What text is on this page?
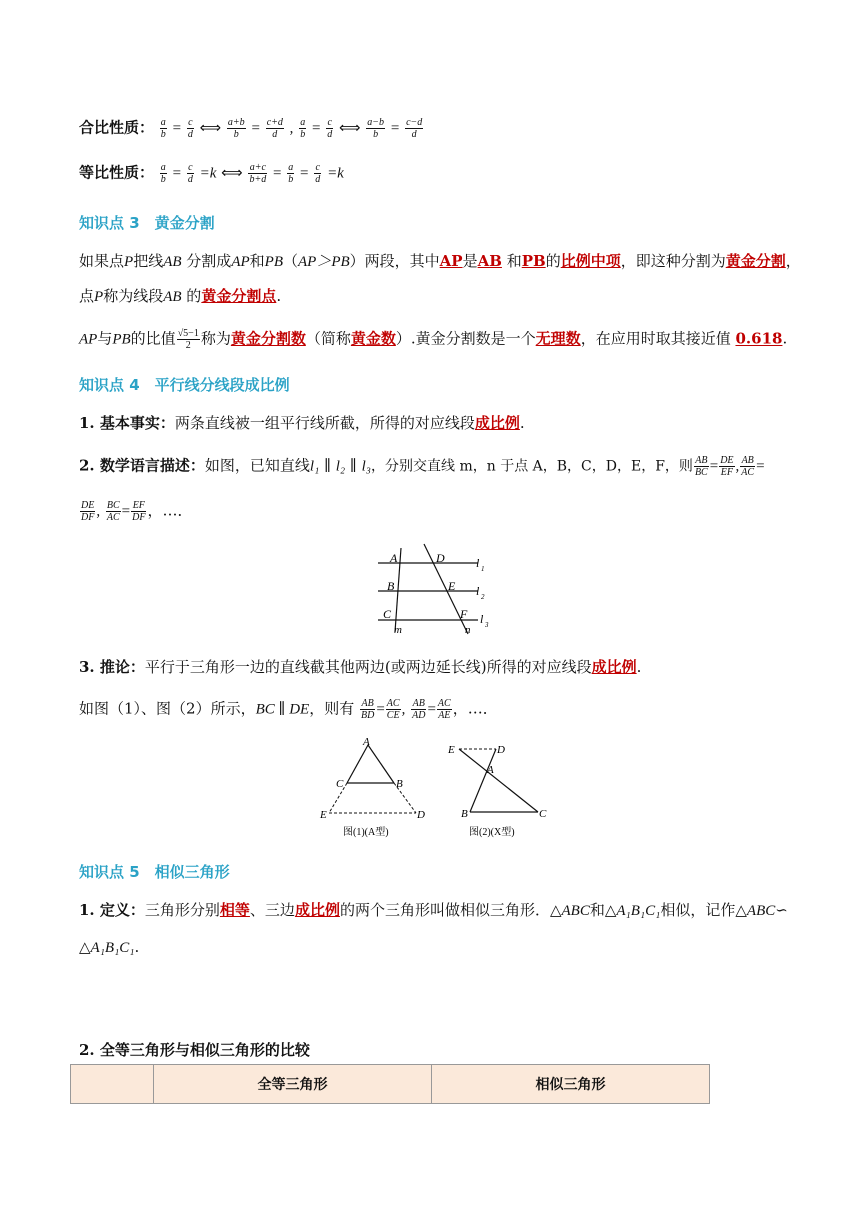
合比性质： $\frac{a}{b} = \frac{c}{d}$ ⟺ $\frac{a+b}{b} = \frac{c+d}{d}$ , $\frac{a}{b} = \frac{c}{d}$ ⟺ $\frac{a-b}{b} = \frac{c-d}{d}$
等比性质： $\frac{a}{b} = \frac{c}{d} =k$ ⟺ $\frac{a+c}{b+d} = \frac{a}{b} = \frac{c}{d} =k$
知识点 3　黄金分割
如果点P把线AB 分割成AP和PB（AP＞PB）两段，其中AP是AB 和PB的比例中项，即这种分割为黄金分割，
点P称为线段AB 的黄金分割点.
AP与PB的比值 $\frac{√5-1}{2}$ 称为黄金分割数（简称黄金数）.黄金分割数是一个无理数，在应用时取其接近值 0.618.
知识点 4　平行线分线段成比例
1. 基本事实：两条直线被一组平行线所截，所得的对应线段成比例.
2. 数学语言描述：如图，已知直线l₁ ∥ l₂ ∥ l₃，分别交直线 m，n 于点 A，B，C，D，E，F，则 $\frac{AB}{BC} = \frac{DE}{EF}$ , $\frac{AB}{AC}$ =
$\frac{DE}{DF}$ , $\frac{BC}{AC} = \frac{EF}{DF}$ ，…．
A	D	l 1
B	E l 2
C	F l 3
m	n
3. 推论：平行于三角形一边的直线截其他两边(或两边延长线)所得的对应线段成比例.
如图（1）、图（2）所示，BC ∥ DE，则有 $\frac{AB}{BD} = \frac{AC}{CE}$ , $\frac{AB}{AD} = \frac{AC}{AE}$ ，…．
A
C	B
E	D
图(1)(A型)
E	D
A
B	C
图(2)(X型)
知识点 5　相似三角形
1. 定义：三角形分别相等、三边成比例的两个三角形叫做相似三角形．△ABC和△A₁B₁C₁相似，记作△ABC∽
△A₁B₁C₁.
2. 全等三角形与相似三角形的比较
	全等三角形	相似三角形
